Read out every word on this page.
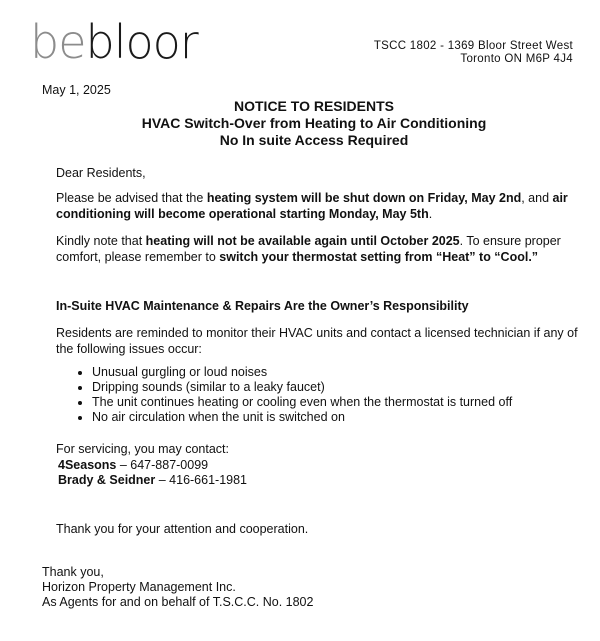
bebloor	TSCC 1802 - 1369 Bloor Street West
Toronto ON M6P 4J4
May 1, 2025
NOTICE TO RESIDENTS
HVAC Switch-Over from Heating to Air Conditioning
No In suite Access Required
Dear Residents,
Please be advised that the heating system will be shut down on Friday, May 2nd, and air conditioning will become operational starting Monday, May 5th.
Kindly note that heating will not be available again until October 2025. To ensure proper comfort, please remember to switch your thermostat setting from “Heat” to “Cool.”
In-Suite HVAC Maintenance & Repairs Are the Owner’s Responsibility
Residents are reminded to monitor their HVAC units and contact a licensed technician if any of the following issues occur:
• Unusual gurgling or loud noises
• Dripping sounds (similar to a leaky faucet)
• The unit continues heating or cooling even when the thermostat is turned off
• No air circulation when the unit is switched on
For servicing, you may contact:
4Seasons – 647-887-0099
Brady & Seidner – 416-661-1981
Thank you for your attention and cooperation.
Thank you,
Horizon Property Management Inc.
As Agents for and on behalf of T.S.C.C. No. 1802
